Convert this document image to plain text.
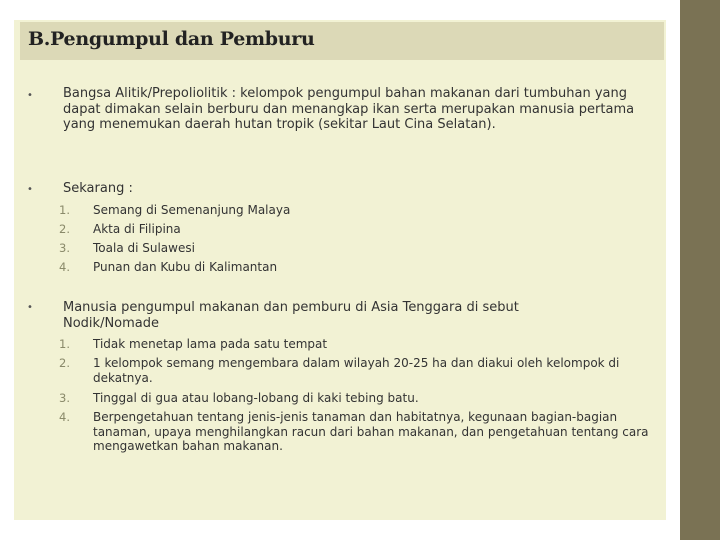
B.Pengumpul dan Pemburu
• Bangsa Alitik/Prepoliolitik : kelompok pengumpul bahan makanan dari tumbuhan yang dapat dimakan selain berburu dan menangkap ikan serta merupakan manusia pertama yang menemukan daerah hutan tropik (sekitar Laut Cina Selatan).
• Sekarang :
1. Semang di Semenanjung Malaya
2. Akta di Filipina
3. Toala di Sulawesi
4. Punan dan Kubu di Kalimantan
• Manusia pengumpul makanan dan pemburu di Asia Tenggara di sebut Nodik/Nomade
1. Tidak menetap lama pada satu tempat
2. 1 kelompok semang mengembara dalam wilayah 20-25 ha dan diakui oleh kelompok di dekatnya.
3. Tinggal di gua atau lobang-lobang di kaki tebing batu.
4. Berpengetahuan tentang jenis-jenis tanaman dan habitatnya, kegunaan bagian-bagian tanaman, upaya menghilangkan racun dari bahan makanan, dan pengetahuan tentang cara mengawetkan bahan makanan.
